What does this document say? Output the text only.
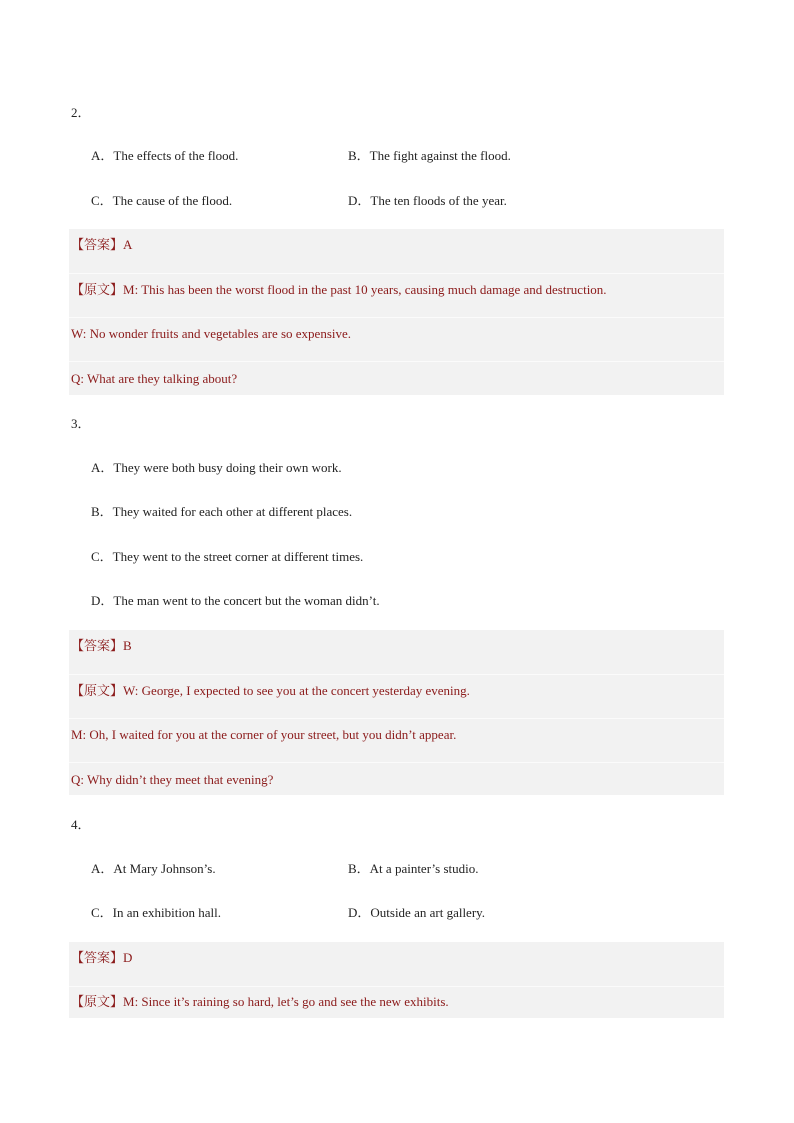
2．
A．The effects of the flood.	B．The fight against the flood.
C．The cause of the flood.	D．The ten floods of the year.
【答案】A
【原文】M: This has been the worst flood in the past 10 years, causing much damage and destruction.
W: No wonder fruits and vegetables are so expensive.
Q: What are they talking about?
3．
A．They were both busy doing their own work.
B．They waited for each other at different places.
C．They went to the street corner at different times.
D．The man went to the concert but the woman didn’t.
【答案】B
【原文】W: George, I expected to see you at the concert yesterday evening.
M: Oh, I waited for you at the corner of your street, but you didn’t appear.
Q: Why didn’t they meet that evening?
4．
A．At Mary Johnson’s.	B．At a painter’s studio.
C．In an exhibition hall.	D．Outside an art gallery.
【答案】D
【原文】M: Since it’s raining so hard, let’s go and see the new exhibits.
